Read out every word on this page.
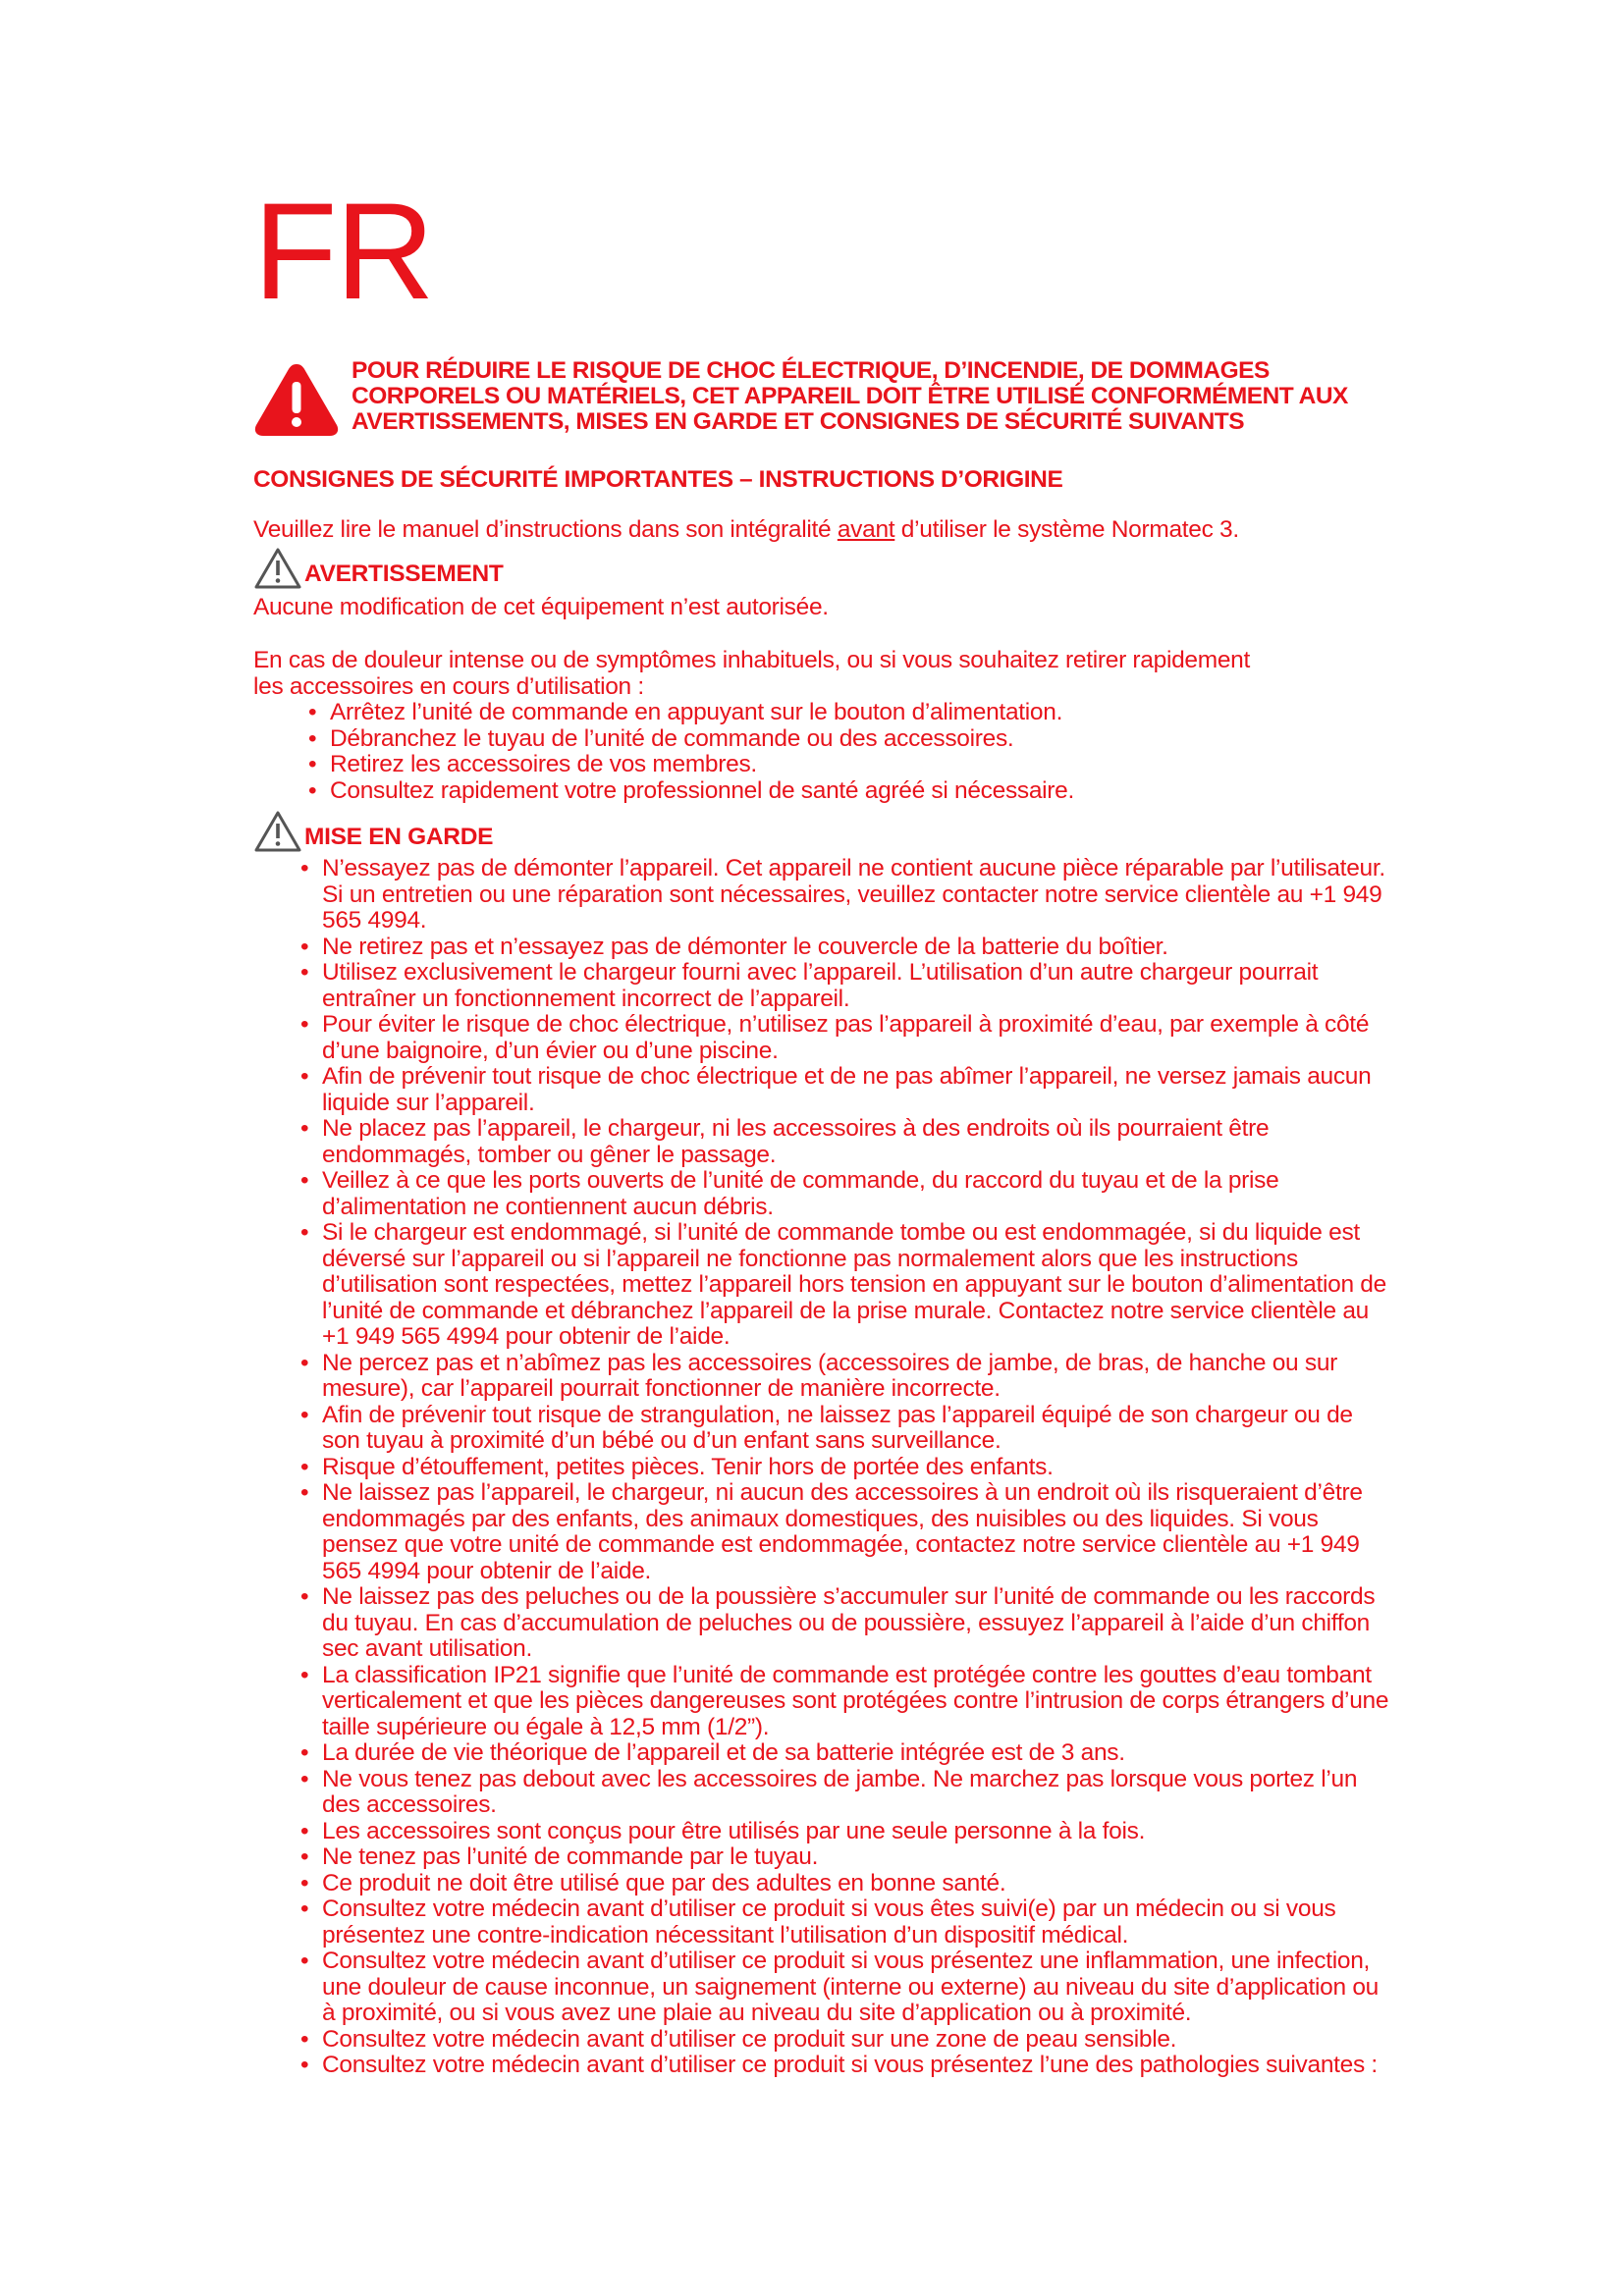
FR
POUR RÉDUIRE LE RISQUE DE CHOC ÉLECTRIQUE, D’INCENDIE, DE DOMMAGES CORPORELS OU MATÉRIELS, CET APPAREIL DOIT ÊTRE UTILISÉ CONFORMÉMENT AUX AVERTISSEMENTS, MISES EN GARDE ET CONSIGNES DE SÉCURITÉ SUIVANTS
CONSIGNES DE SÉCURITÉ IMPORTANTES – INSTRUCTIONS D’ORIGINE
Veuillez lire le manuel d’instructions dans son intégralité avant d’utiliser le système Normatec 3.
AVERTISSEMENT
Aucune modification de cet équipement n’est autorisée.
En cas de douleur intense ou de symptômes inhabituels, ou si vous souhaitez retirer rapidement les accessoires en cours d’utilisation :
• Arrêtez l’unité de commande en appuyant sur le bouton d’alimentation.
• Débranchez le tuyau de l’unité de commande ou des accessoires.
• Retirez les accessoires de vos membres.
• Consultez rapidement votre professionnel de santé agréé si nécessaire.
MISE EN GARDE
• N’essayez pas de démonter l’appareil. Cet appareil ne contient aucune pièce réparable par l’utilisateur. Si un entretien ou une réparation sont nécessaires, veuillez contacter notre service clientèle au +1 949 565 4994.
• Ne retirez pas et n’essayez pas de démonter le couvercle de la batterie du boîtier.
• Utilisez exclusivement le chargeur fourni avec l’appareil. L’utilisation d’un autre chargeur pourrait entraîner un fonctionnement incorrect de l’appareil.
• Pour éviter le risque de choc électrique, n’utilisez pas l’appareil à proximité d’eau, par exemple à côté d’une baignoire, d’un évier ou d’une piscine.
• Afin de prévenir tout risque de choc électrique et de ne pas abîmer l’appareil, ne versez jamais aucun liquide sur l’appareil.
• Ne placez pas l’appareil, le chargeur, ni les accessoires à des endroits où ils pourraient être endommagés, tomber ou gêner le passage.
• Veillez à ce que les ports ouverts de l’unité de commande, du raccord du tuyau et de la prise d’alimentation ne contiennent aucun débris.
• Si le chargeur est endommagé, si l’unité de commande tombe ou est endommagée, si du liquide est déversé sur l’appareil ou si l’appareil ne fonctionne pas normalement alors que les instructions d’utilisation sont respectées, mettez l’appareil hors tension en appuyant sur le bouton d’alimentation de l’unité de commande et débranchez l’appareil de la prise murale. Contactez notre service clientèle au +1 949 565 4994 pour obtenir de l’aide.
• Ne percez pas et n’abîmez pas les accessoires (accessoires de jambe, de bras, de hanche ou sur mesure), car l’appareil pourrait fonctionner de manière incorrecte.
• Afin de prévenir tout risque de strangulation, ne laissez pas l’appareil équipé de son chargeur ou de son tuyau à proximité d’un bébé ou d’un enfant sans surveillance.
• Risque d’étouffement, petites pièces. Tenir hors de portée des enfants.
• Ne laissez pas l’appareil, le chargeur, ni aucun des accessoires à un endroit où ils risqueraient d’être endommagés par des enfants, des animaux domestiques, des nuisibles ou des liquides. Si vous pensez que votre unité de commande est endommagée, contactez notre service clientèle au +1 949 565 4994 pour obtenir de l’aide.
• Ne laissez pas des peluches ou de la poussière s’accumuler sur l’unité de commande ou les raccords du tuyau. En cas d’accumulation de peluches ou de poussière, essuyez l’appareil à l’aide d’un chiffon sec avant utilisation.
• La classification IP21 signifie que l’unité de commande est protégée contre les gouttes d’eau tombant verticalement et que les pièces dangereuses sont protégées contre l’intrusion de corps étrangers d’une taille supérieure ou égale à 12,5 mm (1/2”).
• La durée de vie théorique de l’appareil et de sa batterie intégrée est de 3 ans.
• Ne vous tenez pas debout avec les accessoires de jambe. Ne marchez pas lorsque vous portez l’un des accessoires.
• Les accessoires sont conçus pour être utilisés par une seule personne à la fois.
• Ne tenez pas l’unité de commande par le tuyau.
• Ce produit ne doit être utilisé que par des adultes en bonne santé.
• Consultez votre médecin avant d’utiliser ce produit si vous êtes suivi(e) par un médecin ou si vous présentez une contre-indication nécessitant l’utilisation d’un dispositif médical.
• Consultez votre médecin avant d’utiliser ce produit si vous présentez une inflammation, une infection, une douleur de cause inconnue, un saignement (interne ou externe) au niveau du site d’application ou à proximité, ou si vous avez une plaie au niveau du site d’application ou à proximité.
• Consultez votre médecin avant d’utiliser ce produit sur une zone de peau sensible.
• Consultez votre médecin avant d’utiliser ce produit si vous présentez l’une des pathologies suivantes :
